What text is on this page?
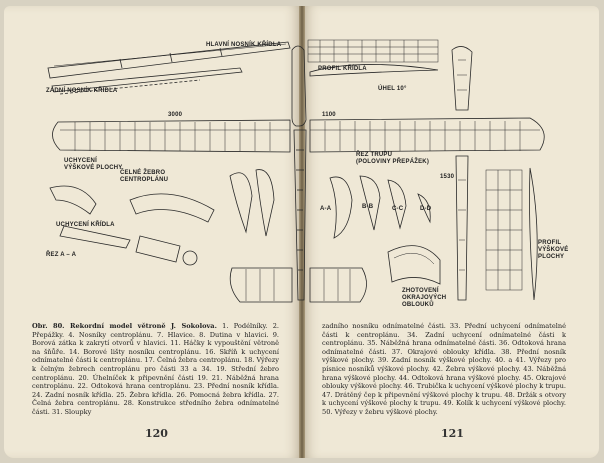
HLAVNÍ NOSNÍK KŘÍDLA
ZADNÍ NOSNÍK KŘÍDLA
PROFIL KŘÍDLA
ÚHEL 10°
3000	1100
UCHYCENÍ
VÝŠKOVÉ PLOCHY
ČELNÉ ŽEBRO
CENTROPLÁNU
UCHYCENÍ KŘÍDLA
ŘEZ A – A
ŘEZ TRUPU
(POLOVINY PŘEPÁŽEK)
1530
PROFIL
VÝŠKOVÉ
PLOCHY
ZHOTOVENÍ
OKRAJOVÝCH
OBLOUKŮ
A-A	B-B	C-C	D-D
Obr. 80. Rekordní model větroně J. Sokolova. 1. Podélníky. 2. Přepážky. 4. Nosníky centroplánu. 7. Hlavice. 8. Dutina v hlavici. 9. Borová zátka k zakrytí otvorů v hlavici. 11. Háčky k vypouštění větroně na šňůře. 14. Borové lišty nosníku centroplánu. 16. Skříň k uchycení odnímatelné části k centroplánu. 17. Čelná žebra centroplánu. 18. Výřezy k čelným žebrech centroplánu pro části 33 a 34. 19. Střední žebro centroplánu. 20. Úhelníček k připevnění části 19. 21. Náběžná hrana centroplánu. 22. Odtoková hrana centroplánu. 23. Přední nosník křídla. 24. Zadní nosník křídla. 25. Žebra křídla. 26. Pomocná žebra křídla. 27. Čelná žebra centroplánu. 28. Konstrukce středního žebra odnímatelné části. 31. Sloupky
zadního nosníku odnímatelné části. 33. Přední uchycení odnímatelné části k centroplánu. 34. Zadní uchycení odnímatelné části k centroplánu. 35. Náběžná hrana odnímatelné části. 36. Odtoková hrana odnímatelné části. 37. Okrajové oblouky křídla. 38. Přední nosník výškové plochy. 39. Zadní nosník výškové plochy. 40. a 41. Výřezy pro písnice nosníků výškové plochy. 42. Žebra výškové plochy. 43. Náběžná hrana výškové plochy. 44. Odtoková hrana výškové plochy. 45. Okrajové oblouky výškové plochy. 46. Trubička k uchycení výškové plochy k trupu. 47. Drátěný čep k připevnění výškové plochy k trupu. 48. Držák s otvory k uchycení výškové plochy k trupu. 49. Kolík k uchycení výškové plochy. 50. Výřezy v žebru výškové plochy.
120	121
